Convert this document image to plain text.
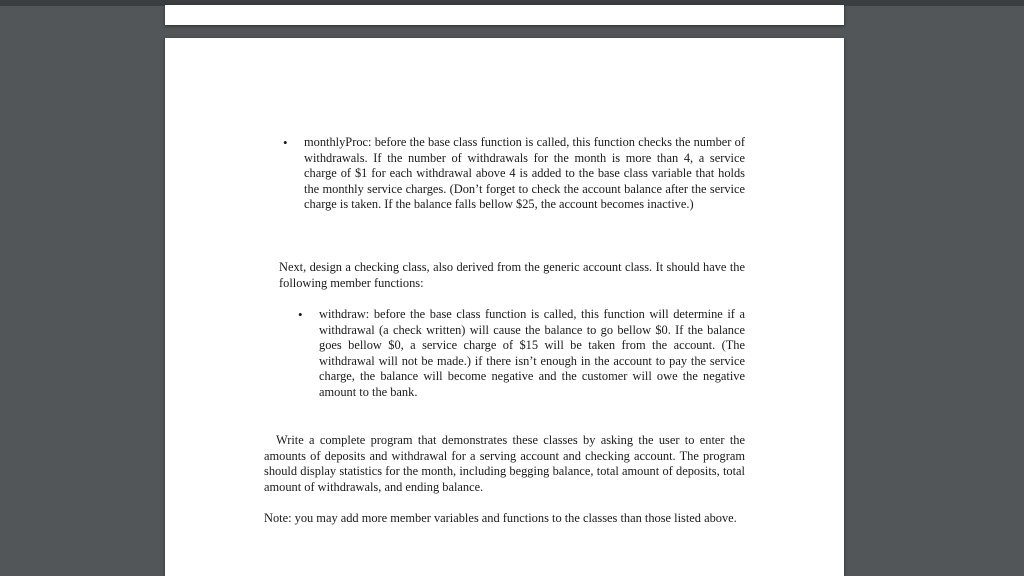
• monthlyProc: before the base class function is called, this function checks the number of withdrawals. If the number of withdrawals for the month is more than 4, a service charge of $1 for each withdrawal above 4 is added to the base class variable that holds the monthly service charges. (Don’t forget to check the account balance after the service charge is taken. If the balance falls bellow $25, the account becomes inactive.)

Next, design a checking class, also derived from the generic account class. It should have the following member functions:

• withdraw: before the base class function is called, this function will determine if a withdrawal (a check written) will cause the balance to go bellow $0. If the balance goes bellow $0, a service charge of $15 will be taken from the account. (The withdrawal will not be made.) if there isn’t enough in the account to pay the service charge, the balance will become negative and the customer will owe the negative amount to the bank.

Write a complete program that demonstrates these classes by asking the user to enter the amounts of deposits and withdrawal for a serving account and checking account. The program should display statistics for the month, including begging balance, total amount of deposits, total amount of withdrawals, and ending balance.

Note: you may add more member variables and functions to the classes than those listed above.
